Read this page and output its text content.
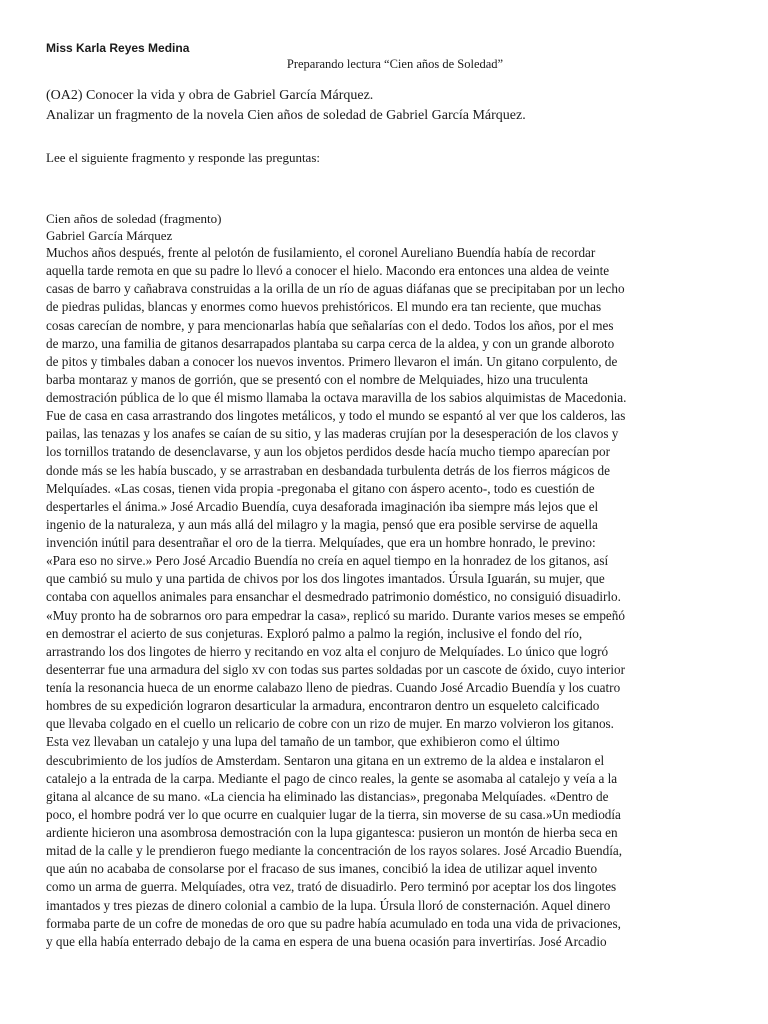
Miss Karla Reyes Medina

Preparando lectura “Cien años de Soledad”

(OA2) Conocer la vida y obra de Gabriel García Márquez.
Analizar un fragmento de la novela Cien años de soledad de Gabriel García Márquez.
Lee el siguiente fragmento y responde las preguntas:
Cien años de soledad (fragmento)
Gabriel García Márquez
Muchos años después, frente al pelotón de fusilamiento, el coronel Aureliano Buendía había de recordar
aquella tarde remota en que su padre lo llevó a conocer el hielo. Macondo era entonces una aldea de veinte
casas de barro y cañabrava construidas a la orilla de un río de aguas diáfanas que se precipitaban por un lecho
de piedras pulidas, blancas y enormes como huevos prehistóricos. El mundo era tan reciente, que muchas
cosas carecían de nombre, y para mencionarlas había que señalarías con el dedo. Todos los años, por el mes
de marzo, una familia de gitanos desarrapados plantaba su carpa cerca de la aldea, y con un grande alboroto
de pitos y timbales daban a conocer los nuevos inventos. Primero llevaron el imán. Un gitano corpulento, de
barba montaraz y manos de gorrión, que se presentó con el nombre de Melquiades, hizo una truculenta
demostración pública de lo que él mismo llamaba la octava maravilla de los sabios alquimistas de Macedonia.
Fue de casa en casa arrastrando dos lingotes metálicos, y todo el mundo se espantó al ver que los calderos, las
pailas, las tenazas y los anafes se caían de su sitio, y las maderas crujían por la desesperación de los clavos y
los tornillos tratando de desenclavarse, y aun los objetos perdidos desde hacía mucho tiempo aparecían por
donde más se les había buscado, y se arrastraban en desbandada turbulenta detrás de los fierros mágicos de
Melquíades. «Las cosas, tienen vida propia -pregonaba el gitano con áspero acento-, todo es cuestión de
despertarles el ánima.» José Arcadio Buendía, cuya desaforada imaginación iba siempre más lejos que el
ingenio de la naturaleza, y aun más allá del milagro y la magia, pensó que era posible servirse de aquella
invención inútil para desentrañar el oro de la tierra. Melquíades, que era un hombre honrado, le previno:
«Para eso no sirve.» Pero José Arcadio Buendía no creía en aquel tiempo en la honradez de los gitanos, así
que cambió su mulo y una partida de chivos por los dos lingotes imantados. Úrsula Iguarán, su mujer, que
contaba con aquellos animales para ensanchar el desmedrado patrimonio doméstico, no consiguió disuadirlo.
«Muy pronto ha de sobrarnos oro para empedrar la casa», replicó su marido. Durante varios meses se empeñó
en demostrar el acierto de sus conjeturas. Exploró palmo a palmo la región, inclusive el fondo del río,
arrastrando los dos lingotes de hierro y recitando en voz alta el conjuro de Melquíades. Lo único que logró
desenterrar fue una armadura del siglo xv con todas sus partes soldadas por un cascote de óxido, cuyo interior
tenía la resonancia hueca de un enorme calabazo lleno de piedras. Cuando José Arcadio Buendía y los cuatro
hombres de su expedición lograron desarticular la armadura, encontraron dentro un esqueleto calcificado
que llevaba colgado en el cuello un relicario de cobre con un rizo de mujer. En marzo volvieron los gitanos.
Esta vez llevaban un catalejo y una lupa del tamaño de un tambor, que exhibieron como el último
descubrimiento de los judíos de Amsterdam. Sentaron una gitana en un extremo de la aldea e instalaron el
catalejo a la entrada de la carpa. Mediante el pago de cinco reales, la gente se asomaba al catalejo y veía a la
gitana al alcance de su mano. «La ciencia ha eliminado las distancias», pregonaba Melquíades. «Dentro de
poco, el hombre podrá ver lo que ocurre en cualquier lugar de la tierra, sin moverse de su casa.»Un mediodía
ardiente hicieron una asombrosa demostración con la lupa gigantesca: pusieron un montón de hierba seca en
mitad de la calle y le prendieron fuego mediante la concentración de los rayos solares. José Arcadio Buendía,
que aún no acababa de consolarse por el fracaso de sus imanes, concibió la idea de utilizar aquel invento
como un arma de guerra. Melquíades, otra vez, trató de disuadirlo. Pero terminó por aceptar los dos lingotes
imantados y tres piezas de dinero colonial a cambio de la lupa. Úrsula lloró de consternación. Aquel dinero
formaba parte de un cofre de monedas de oro que su padre había acumulado en toda una vida de privaciones,
y que ella había enterrado debajo de la cama en espera de una buena ocasión para invertirías. José Arcadio
